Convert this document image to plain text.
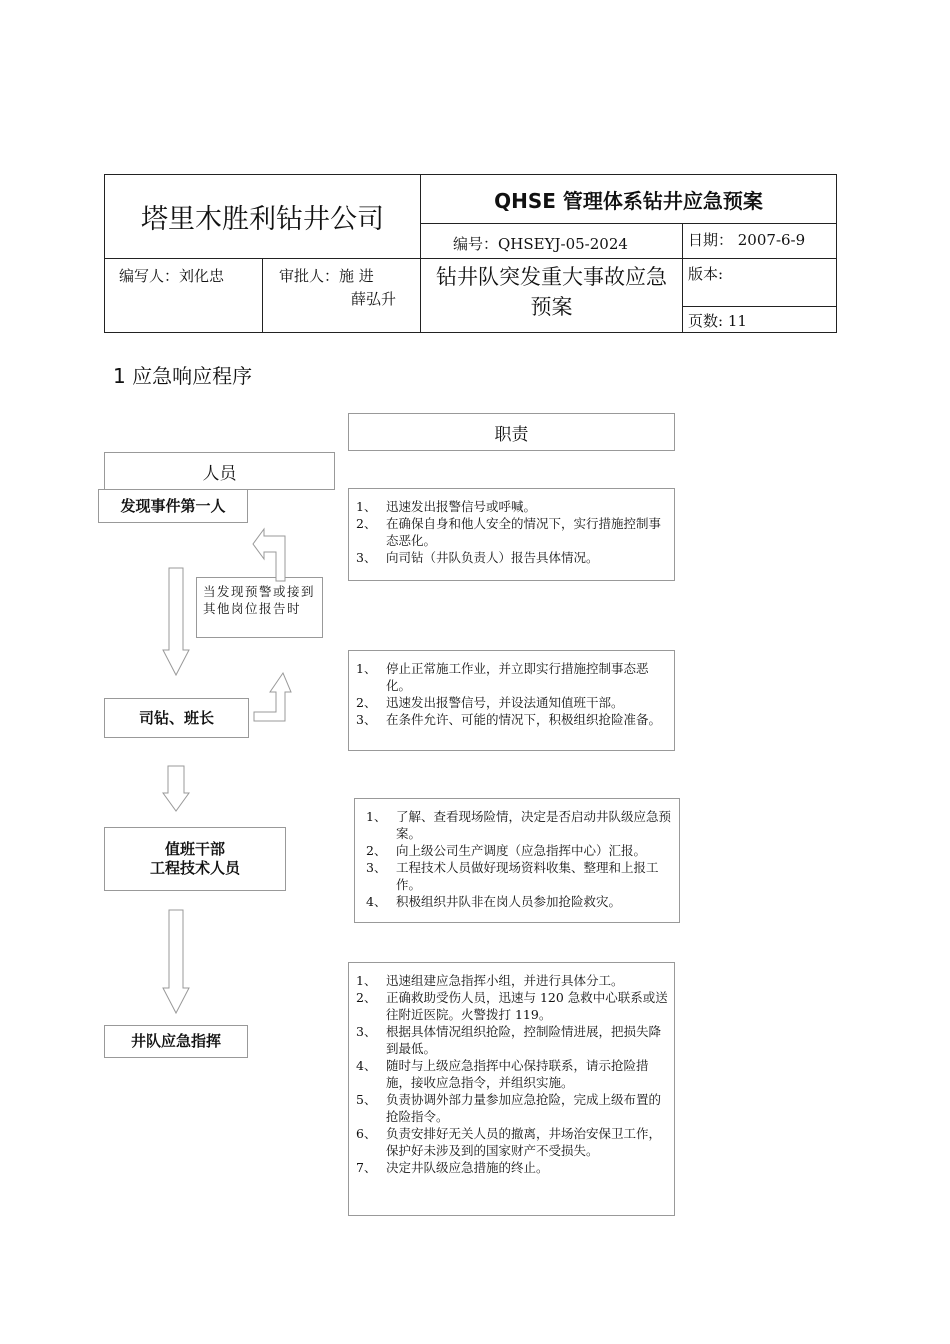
塔里木胜利钻井公司
QHSE 管理体系钻井应急预案
编号：QHSEYJ-05-2024	日期： 2007-6-9
编写人：刘化忠	审批人：施 进
薛弘升
钻井队突发重大事故应急预案
版本:
页数: 11
1 应急响应程序
职责
人员
发现事件第一人
司钻、班长
值班干部
工程技术人员
井队应急指挥
当发现预警或接到其他岗位报告时
1、 迅速发出报警信号或呼喊。
2、 在确保自身和他人安全的情况下，实行措施控制事态恶化。
3、 向司钻（井队负责人）报告具体情况。
1、 停止正常施工作业，并立即实行措施控制事态恶化。
2、 迅速发出报警信号，并设法通知值班干部。
3、 在条件允许、可能的情况下，积极组织抢险准备。
1、 了解、查看现场险情，决定是否启动井队级应急预案。
2、 向上级公司生产调度（应急指挥中心）汇报。
3、 工程技术人员做好现场资料收集、整理和上报工作。
4、 积极组织井队非在岗人员参加抢险救灾。
1、 迅速组建应急指挥小组，并进行具体分工。
2、 正确救助受伤人员，迅速与 120 急救中心联系或送往附近医院。火警拨打 119。
3、 根据具体情况组织抢险，控制险情进展，把损失降到最低。
4、 随时与上级应急指挥中心保持联系，请示抢险措施，接收应急指令，并组织实施。
5、 负责协调外部力量参加应急抢险，完成上级布置的抢险指令。
6、 负责安排好无关人员的撤离，井场治安保卫工作，保护好未涉及到的国家财产不受损失。
7、 决定井队级应急措施的终止。
